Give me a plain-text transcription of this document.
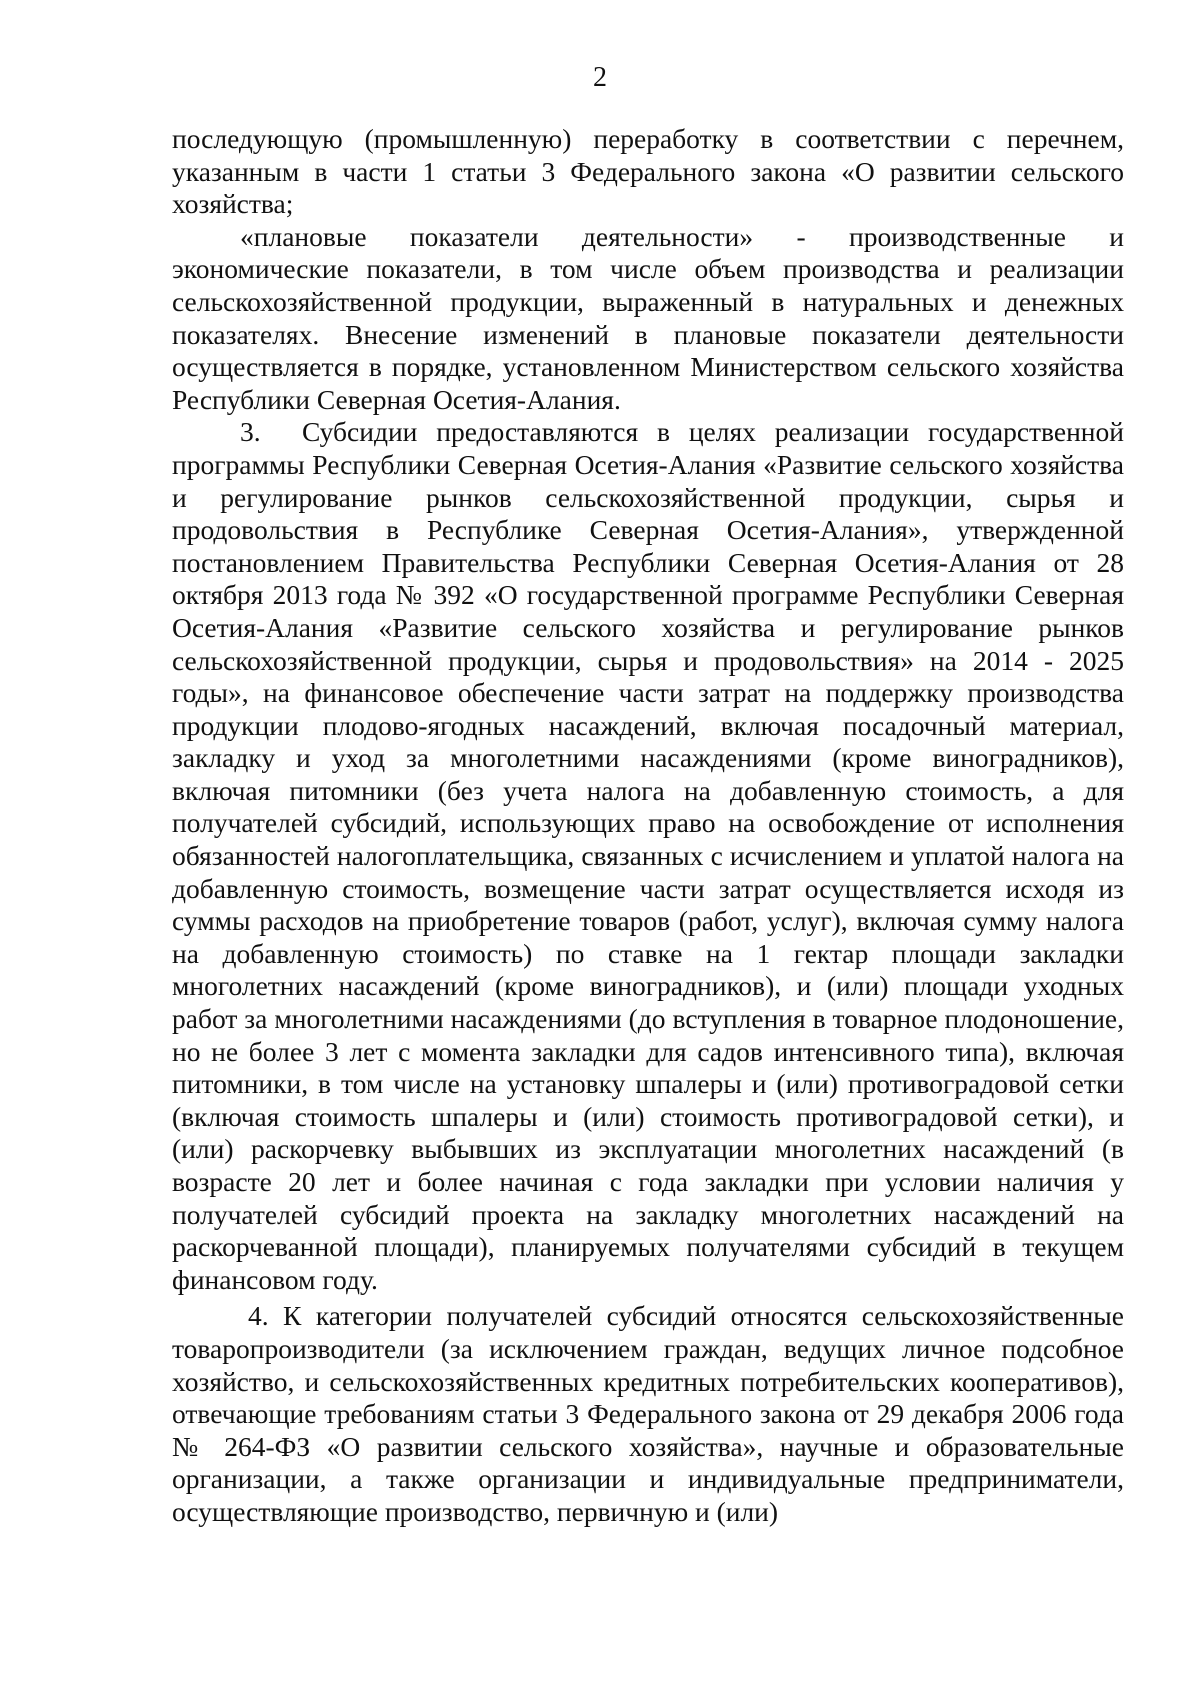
2

последующую (промышленную) переработку в соответствии с перечнем, указанным в части 1 статьи 3 Федерального закона «О развитии сельского хозяйства;

«плановые показатели деятельности» - производственные и экономические показатели, в том числе объем производства и реализации сельскохозяйственной продукции, выраженный в натуральных и денежных показателях. Внесение изменений в плановые показатели деятельности осуществляется в порядке, установленном Министерством сельского хозяйства Республики Северная Осетия-Алания.

3. Субсидии предоставляются в целях реализации государственной программы Республики Северная Осетия-Алания «Развитие сельского хозяйства и регулирование рынков сельскохозяйственной продукции, сырья и продовольствия в Республике Северная Осетия-Алания», утвержденной постановлением Правительства Республики Северная Осетия-Алания от 28 октября 2013 года № 392 «О государственной программе Республики Северная Осетия-Алания «Развитие сельского хозяйства и регулирование рынков сельскохозяйственной продукции, сырья и продовольствия» на 2014 - 2025 годы», на финансовое обеспечение части затрат на поддержку производства продукции плодово-ягодных насаждений, включая посадочный материал, закладку и уход за многолетними насаждениями (кроме виноградников), включая питомники (без учета налога на добавленную стоимость, а для получателей субсидий, использующих право на освобождение от исполнения обязанностей налогоплательщика, связанных с исчислением и уплатой налога на добавленную стоимость, возмещение части затрат осуществляется исходя из суммы расходов на приобретение товаров (работ, услуг), включая сумму налога на добавленную стоимость) по ставке на 1 гектар площади закладки многолетних насаждений (кроме виноградников), и (или) площади уходных работ за многолетними насаждениями (до вступления в товарное плодоношение, но не более 3 лет с момента закладки для садов интенсивного типа), включая питомники, в том числе на установку шпалеры и (или) противоградовой сетки (включая стоимость шпалеры и (или) стоимость противоградовой сетки), и (или) раскорчевку выбывших из эксплуатации многолетних насаждений (в возрасте 20 лет и более начиная с года закладки при условии наличия у получателей субсидий проекта на закладку многолетних насаждений на раскорчеванной площади), планируемых получателями субсидий в текущем финансовом году.

4. К категории получателей субсидий относятся сельскохозяйственные товаропроизводители (за исключением граждан, ведущих личное подсобное хозяйство, и сельскохозяйственных кредитных потребительских кооперативов), отвечающие требованиям статьи 3 Федерального закона от 29 декабря 2006 года № 264-ФЗ «О развитии сельского хозяйства», научные и образовательные организации, а также организации и индивидуальные предприниматели, осуществляющие производство, первичную и (или)
